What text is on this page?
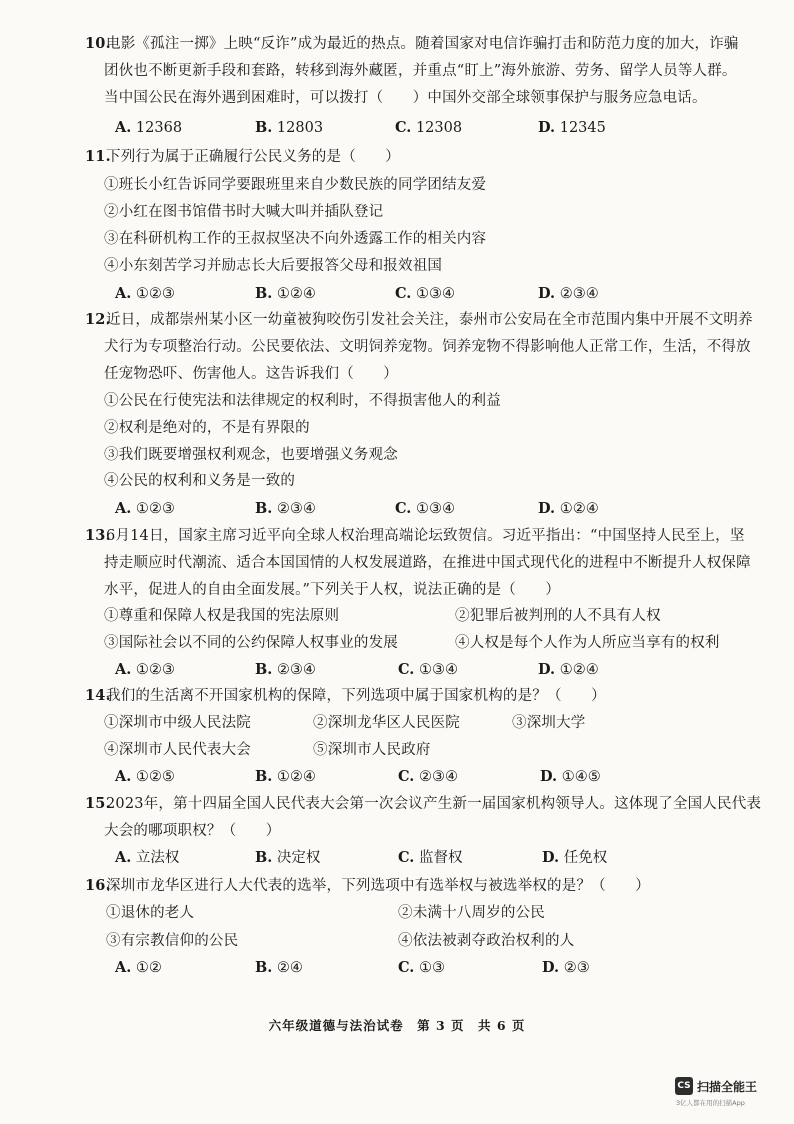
10.
电影《孤注一掷》上映“反诈”成为最近的热点。随着国家对电信诈骗打击和防范力度的加大，诈骗
团伙也不断更新手段和套路，转移到海外藏匿，并重点“盯上”海外旅游、劳务、留学人员等人群。
当中国公民在海外遇到困难时，可以拨打（　　）中国外交部全球领事保护与服务应急电话。
A. 12368	B. 12803	C. 12308	D. 12345
11.
下列行为属于正确履行公民义务的是（　　）
①班长小红告诉同学要跟班里来自少数民族的同学团结友爱
②小红在图书馆借书时大喊大叫并插队登记
③在科研机构工作的王叔叔坚决不向外透露工作的相关内容
④小东刻苦学习并励志长大后要报答父母和报效祖国
A. ①②③	B. ①②④	C. ①③④	D. ②③④
12.
近日，成都崇州某小区一幼童被狗咬伤引发社会关注，泰州市公安局在全市范围内集中开展不文明养
犬行为专项整治行动。公民要依法、文明饲养宠物。饲养宠物不得影响他人正常工作，生活，不得放
任宠物恐吓、伤害他人。这告诉我们（　　）
①公民在行使宪法和法律规定的权利时，不得损害他人的利益
②权利是绝对的，不是有界限的
③我们既要增强权利观念，也要增强义务观念
④公民的权利和义务是一致的
A. ①②③	B. ②③④	C. ①③④	D. ①②④
13.
6月14日，国家主席习近平向全球人权治理高端论坛致贺信。习近平指出：“中国坚持人民至上，坚
持走顺应时代潮流、适合本国国情的人权发展道路，在推进中国式现代化的进程中不断提升人权保障
水平，促进人的自由全面发展。”下列关于人权，说法正确的是（　　）
①尊重和保障人权是我国的宪法原则	②犯罪后被判刑的人不具有人权
③国际社会以不同的公约保障人权事业的发展	④人权是每个人作为人所应当享有的权利
A. ①②③	B. ②③④	C. ①③④	D. ①②④
14.
我们的生活离不开国家机构的保障，下列选项中属于国家机构的是？（　　）
①深圳市中级人民法院	②深圳龙华区人民医院	③深圳大学
④深圳市人民代表大会	⑤深圳市人民政府
A. ①②⑤	B. ①②④	C. ②③④	D. ①④⑤
15.
2023年，第十四届全国人民代表大会第一次会议产生新一届国家机构领导人。这体现了全国人民代表
大会的哪项职权？（　　）
A. 立法权	B. 决定权	C. 监督权	D. 任免权
16.
深圳市龙华区进行人大代表的选举，下列选项中有选举权与被选举权的是？（　　）
①退休的老人	②未满十八周岁的公民
③有宗教信仰的公民	④依法被剥夺政治权利的人
A. ①②	B. ②④	C. ①③	D. ②③
六年级道德与法治试卷　第 3 页　共 6 页
CS 扫描全能王
3亿人都在用的扫描App
